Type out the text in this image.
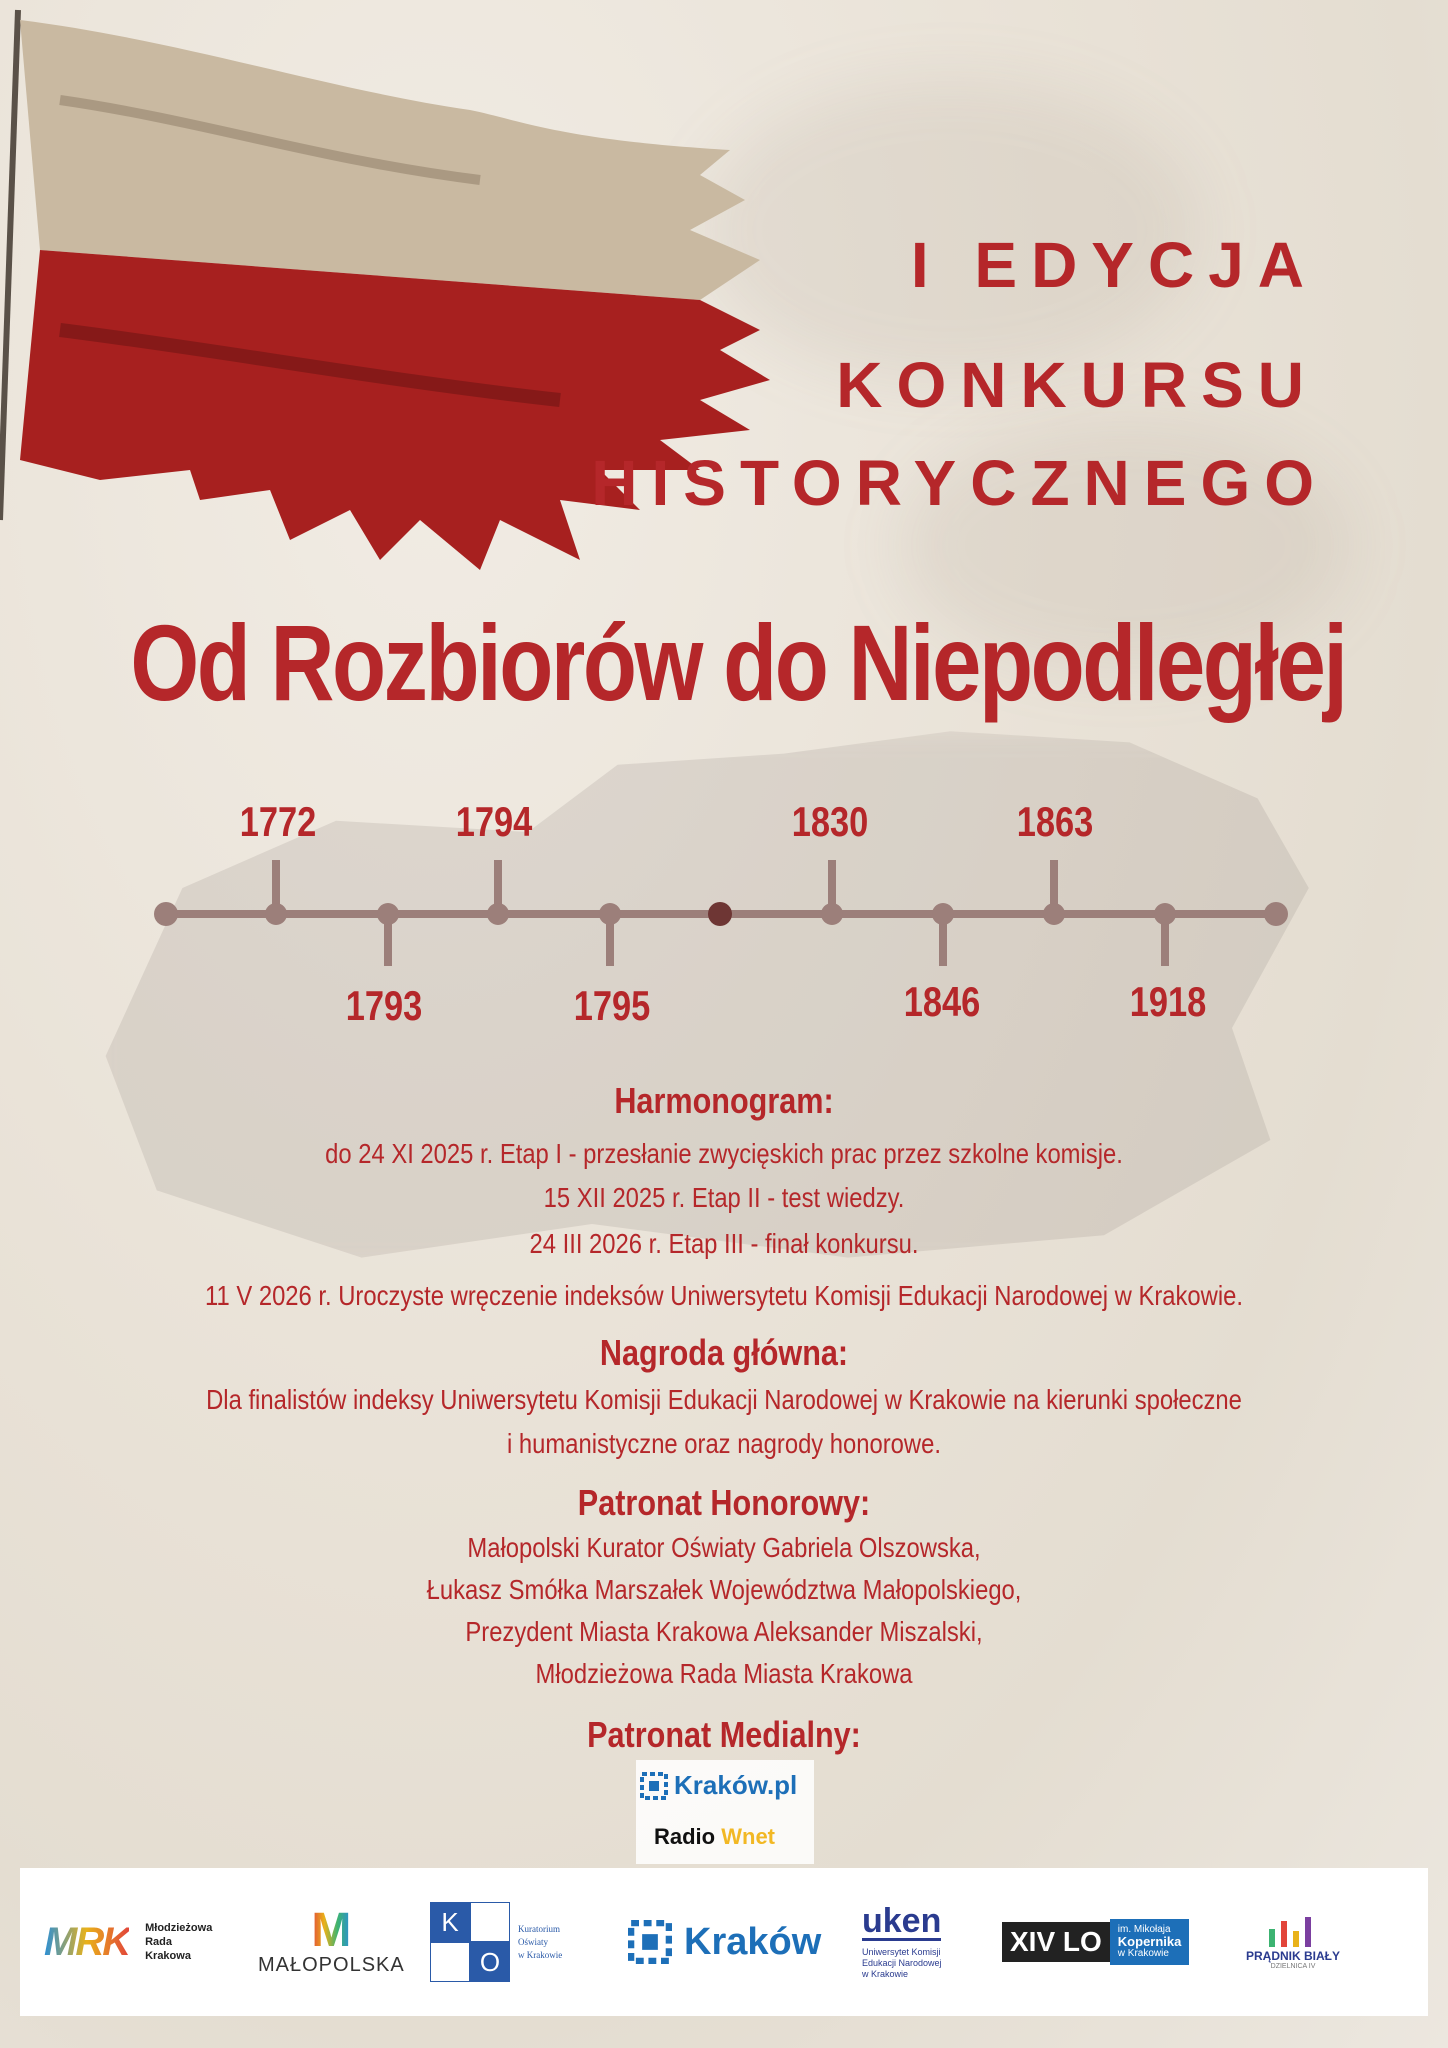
I EDYCJA
KONKURSU
HISTORYCZNEGO
Od Rozbiorów do Niepodległej
1772	1794	1830	1863
1793	1795	1846	1918
Harmonogram:
do 24 XI 2025 r. Etap I - przesłanie zwycięskich prac przez szkolne komisje.
15 XII 2025 r. Etap II - test wiedzy.
24 III 2026 r. Etap III - finał konkursu.
11 V 2026 r. Uroczyste wręczenie indeksów Uniwersytetu Komisji Edukacji Narodowej w Krakowie.
Nagroda główna:
Dla finalistów indeksy Uniwersytetu Komisji Edukacji Narodowej w Krakowie na kierunki społeczne
i humanistyczne oraz nagrody honorowe.
Patronat Honorowy:
Małopolski Kurator Oświaty Gabriela Olszowska,
Łukasz Smółka Marszałek Województwa Małopolskiego,
Prezydent Miasta Krakowa Aleksander Miszalski,
Młodzieżowa Rada Miasta Krakowa
Patronat Medialny:
Kraków.pl
Radio Wnet
MRK Młodzieżowa
Rada
Krakowa	M
MAŁOPOLSKA
K
O
Kuratorium
Oświaty
w Krakowie	Kraków uken
Uniwersytet Komisji
Edukacji Narodowej
w Krakowie
XIV LO	im. Mikołaja
Kopernika
w Krakowie	PRĄDNIK BIAŁY
DZIELNICA IV
